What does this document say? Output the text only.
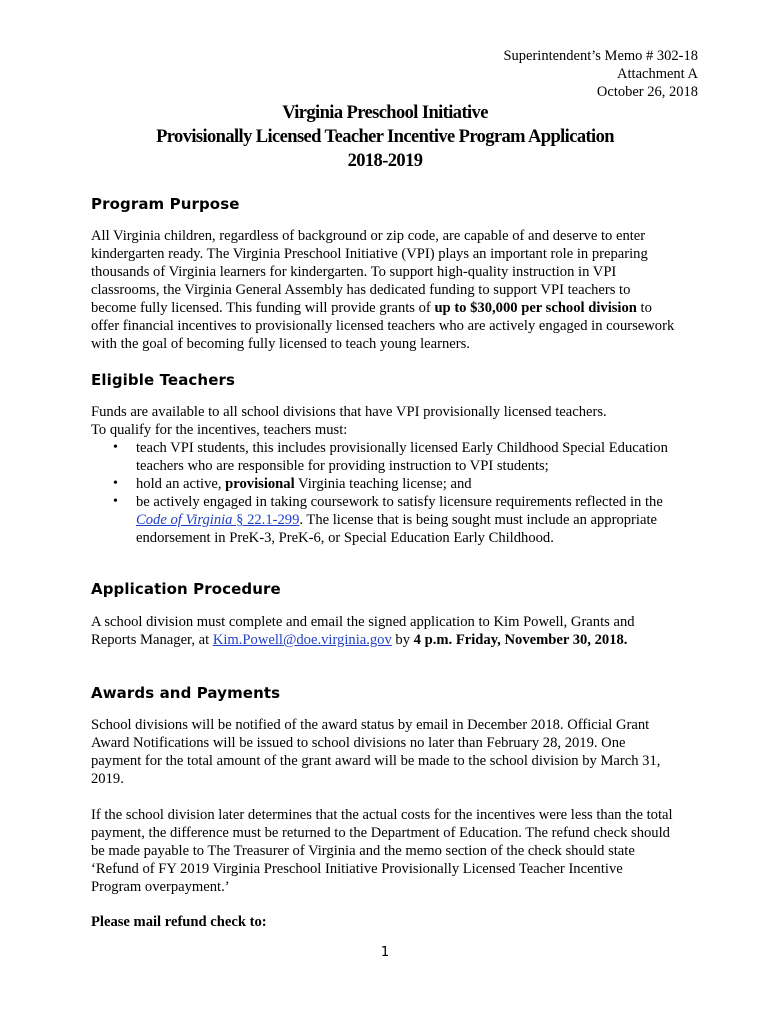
Superintendent’s Memo # 302-18
Attachment A
October 26, 2018
Virginia Preschool Initiative
Provisionally Licensed Teacher Incentive Program Application
2018-2019
Program Purpose

All Virginia children, regardless of background or zip code, are capable of and deserve to enter
kindergarten ready. The Virginia Preschool Initiative (VPI) plays an important role in preparing
thousands of Virginia learners for kindergarten. To support high-quality instruction in VPI
classrooms, the Virginia General Assembly has dedicated funding to support VPI teachers to
become fully licensed. This funding will provide grants of up to $30,000 per school division to
offer financial incentives to provisionally licensed teachers who are actively engaged in coursework
with the goal of becoming fully licensed to teach young learners.

Eligible Teachers

Funds are available to all school divisions that have VPI provisionally licensed teachers.
To qualify for the incentives, teachers must:

• teach VPI students, this includes provisionally licensed Early Childhood Special Education
teachers who are responsible for providing instruction to VPI students;
• hold an active, provisional Virginia teaching license; and
• be actively engaged in taking coursework to satisfy licensure requirements reflected in the
Code of Virginia § 22.1-299. The license that is being sought must include an appropriate
endorsement in PreK-3, PreK-6, or Special Education Early Childhood.
Application Procedure

A school division must complete and email the signed application to Kim Powell, Grants and
Reports Manager, at Kim.Powell@doe.virginia.gov by 4 p.m. Friday, November 30, 2018.

Awards and Payments

School divisions will be notified of the award status by email in December 2018. Official Grant
Award Notifications will be issued to school divisions no later than February 28, 2019. One
payment for the total amount of the grant award will be made to the school division by March 31,
2019.

If the school division later determines that the actual costs for the incentives were less than the total
payment, the difference must be returned to the Department of Education. The refund check should
be made payable to The Treasurer of Virginia and the memo section of the check should state
‘Refund of FY 2019 Virginia Preschool Initiative Provisionally Licensed Teacher Incentive
Program overpayment.’

Please mail refund check to:

1
